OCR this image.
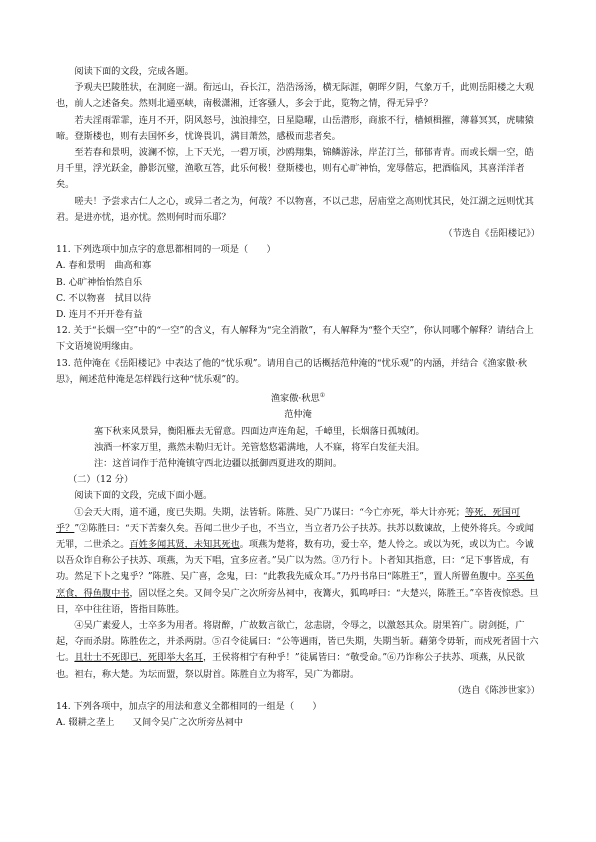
阅读下面的文段，完成各题。

予观夫巴陵胜状，在洞庭一湖。衔远山，吞长江，浩浩汤汤，横无际涯，朝晖夕阴，气象万千，此则岳阳楼之大观也，前人之述备矣。然则北通巫峡，南极潇湘，迁客骚人，多会于此，览物之情，得无异乎？

若夫淫雨霏霏，连月不开，阴风怒号，浊浪排空，日星隐曜，山岳潜形，商旅不行，樯倾楫摧，薄暮冥冥，虎啸猿啼。登斯楼也，则有去国怀乡，忧谗畏讥，满目萧然，感极而悲者矣。

至若春和景明，波澜不惊，上下天光，一碧万顷，沙鸥翔集，锦鳞游泳，岸芷汀兰，郁郁青青。而或长烟一空，皓月千里，浮光跃金，静影沉璧，渔歌互答，此乐何极！登斯楼也，则有心旷神怡，宠辱偕忘，把酒临风，其喜洋洋者矣。

嗟夫！予尝求古仁人之心，或异二者之为，何哉？不以物喜，不以己悲，居庙堂之高则忧其民，处江湖之远则忧其君。是进亦忧，退亦忧。然则何时而乐耶？

（节选自《岳阳楼记》）

11. 下列选项中加点字的意思都相同的一项是（　　）

A. 春和景明　曲高和寡

B. 心旷神怡怡然自乐

C. 不以物喜　拭目以待

D. 连月不开开卷有益

12. 关于“长烟一空”中的“一空”的含义，有人解释为“完全消散”，有人解释为“整个天空”，你认同哪个解释？请结合上下文语境说明缘由。

13. 范仲淹在《岳阳楼记》中表达了他的“忧乐观”。请用自己的话概括范仲淹的“忧乐观”的内涵，并结合《渔家傲·秋思》，阐述范仲淹是怎样践行这种“忧乐观”的。

渔家傲·秋思①

范仲淹

塞下秋来风景异，衡阳雁去无留意。四面边声连角起，千嶂里，长烟落日孤城闭。

浊酒一杯家万里，燕然未勒归无计。羌管悠悠霜满地，人不寐，将军白发征夫泪。

注：这首词作于范仲淹镇守西北边疆以抵御西夏进攻的期间。

（二）（12 分）

阅读下面的文段，完成下面小题。

①会天大雨，道不通，度已失期。失期，法皆斩。陈胜、吴广乃谋曰：“今亡亦死，举大计亦死；等死，死国可乎？”②陈胜曰：“天下苦秦久矣。吾闻二世少子也，不当立，当立者乃公子扶苏。扶苏以数谏故，上使外将兵。今或闻无罪，二世杀之。百姓多闻其贤，未知其死也。项燕为楚将，数有功，爱士卒，楚人怜之。或以为死，或以为亡。今诚以吾众诈自称公子扶苏、项燕，为天下唱，宜多应者。”吴广以为然。③乃行卜。卜者知其指意，曰：“足下事皆成，有功。然足下卜之鬼乎？”陈胜、吴广喜，念鬼，曰：“此教我先威众耳。”乃丹书帛曰“陈胜王”，置人所罾鱼腹中。卒买鱼烹食，得鱼腹中书，固以怪之矣。又间令吴广之次所旁丛祠中，夜篝火，狐鸣呼曰：“大楚兴，陈胜王。”卒皆夜惊恐。旦日，卒中往往语，皆指目陈胜。

④吴广素爱人，士卒多为用者。将尉醉，广故数言欲亡，忿恚尉，令辱之，以激怒其众。尉果笞广。尉剑挺，广起，夺而杀尉。陈胜佐之，并杀两尉。⑤召令徒属曰：“公等遇雨，皆已失期，失期当斩。藉第令毋斩，而戍死者固十六七。且壮士不死即已，死即举大名耳，王侯将相宁有种乎！”徒属皆曰：“敬受命。”⑥乃诈称公子扶苏、项燕，从民欲也。袒右，称大楚。为坛而盟，祭以尉首。陈胜自立为将军，吴广为都尉。

（选自《陈涉世家》）

14. 下列各项中，加点字的用法和意义全都相同的一组是（　　）

A. 辍耕之垄上　　又间令吴广之次所旁丛祠中
